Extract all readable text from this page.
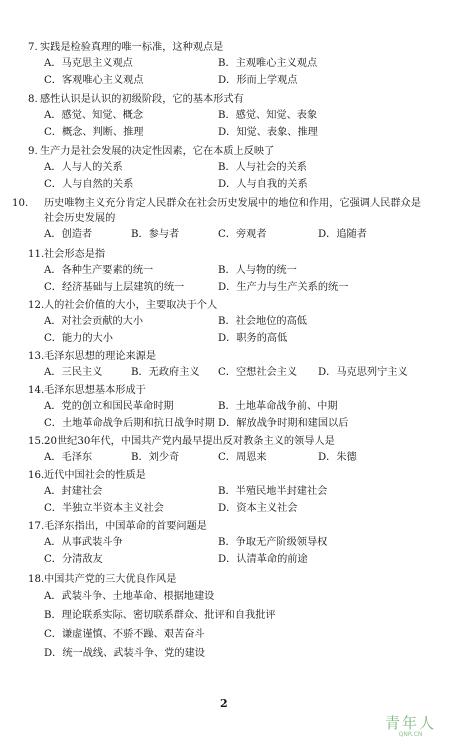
7. 实践是检验真理的唯一标准，这种观点是
A．马克思主义观点	B．主观唯心主义观点
C．客观唯心主义观点	D．形而上学观点
8. 感性认识是认识的初级阶段，它的基本形式有
A．感觉、知觉、概念	B．感觉、知觉、表象
C．概念、判断、推理	D．知觉、表象、推理
9. 生产力是社会发展的决定性因素，它在本质上反映了
A．人与人的关系	B．人与社会的关系
C．人与自然的关系	D．人与自我的关系
10. 历史唯物主义充分肯定人民群众在社会历史发展中的地位和作用，它强调人民群众是社会历史发展的
A．创造者	B．参与者	C．旁观者	D．追随者
11.社会形态是指
A．各种生产要素的统一	B．人与物的统一
C．经济基础与上层建筑的统一	D．生产力与生产关系的统一
12.人的社会价值的大小，主要取决于个人
A．对社会贡献的大小	B．社会地位的高低
C．能力的大小	D．职务的高低
13.毛泽东思想的理论来源是
A．三民主义	B．无政府主义	C．空想社会主义	D．马克思列宁主义
14.毛泽东思想基本形成于
A．党的创立和国民革命时期	B．土地革命战争前、中期
C．土地革命战争后期和抗日战争时期 D．解放战争时期和建国以后
15.20世纪30年代，中国共产党内最早提出反对教条主义的领导人是
A．毛泽东	B．刘少奇	C．周恩来	D．朱德
16.近代中国社会的性质是
A．封建社会	B．半殖民地半封建社会
C．半独立半资本主义社会	D．资本主义社会
17.毛泽东指出，中国革命的首要问题是
A．从事武装斗争	B．争取无产阶级领导权
C．分清敌友	D．认清革命的前途
18.中国共产党的三大优良作风是
A．武装斗争、土地革命、根据地建设
B．理论联系实际、密切联系群众、批评和自我批评
C．谦虚谨慎、不骄不躁、艰苦奋斗
D．统一战线、武装斗争、党的建设
2
青年人
QNR.CN
